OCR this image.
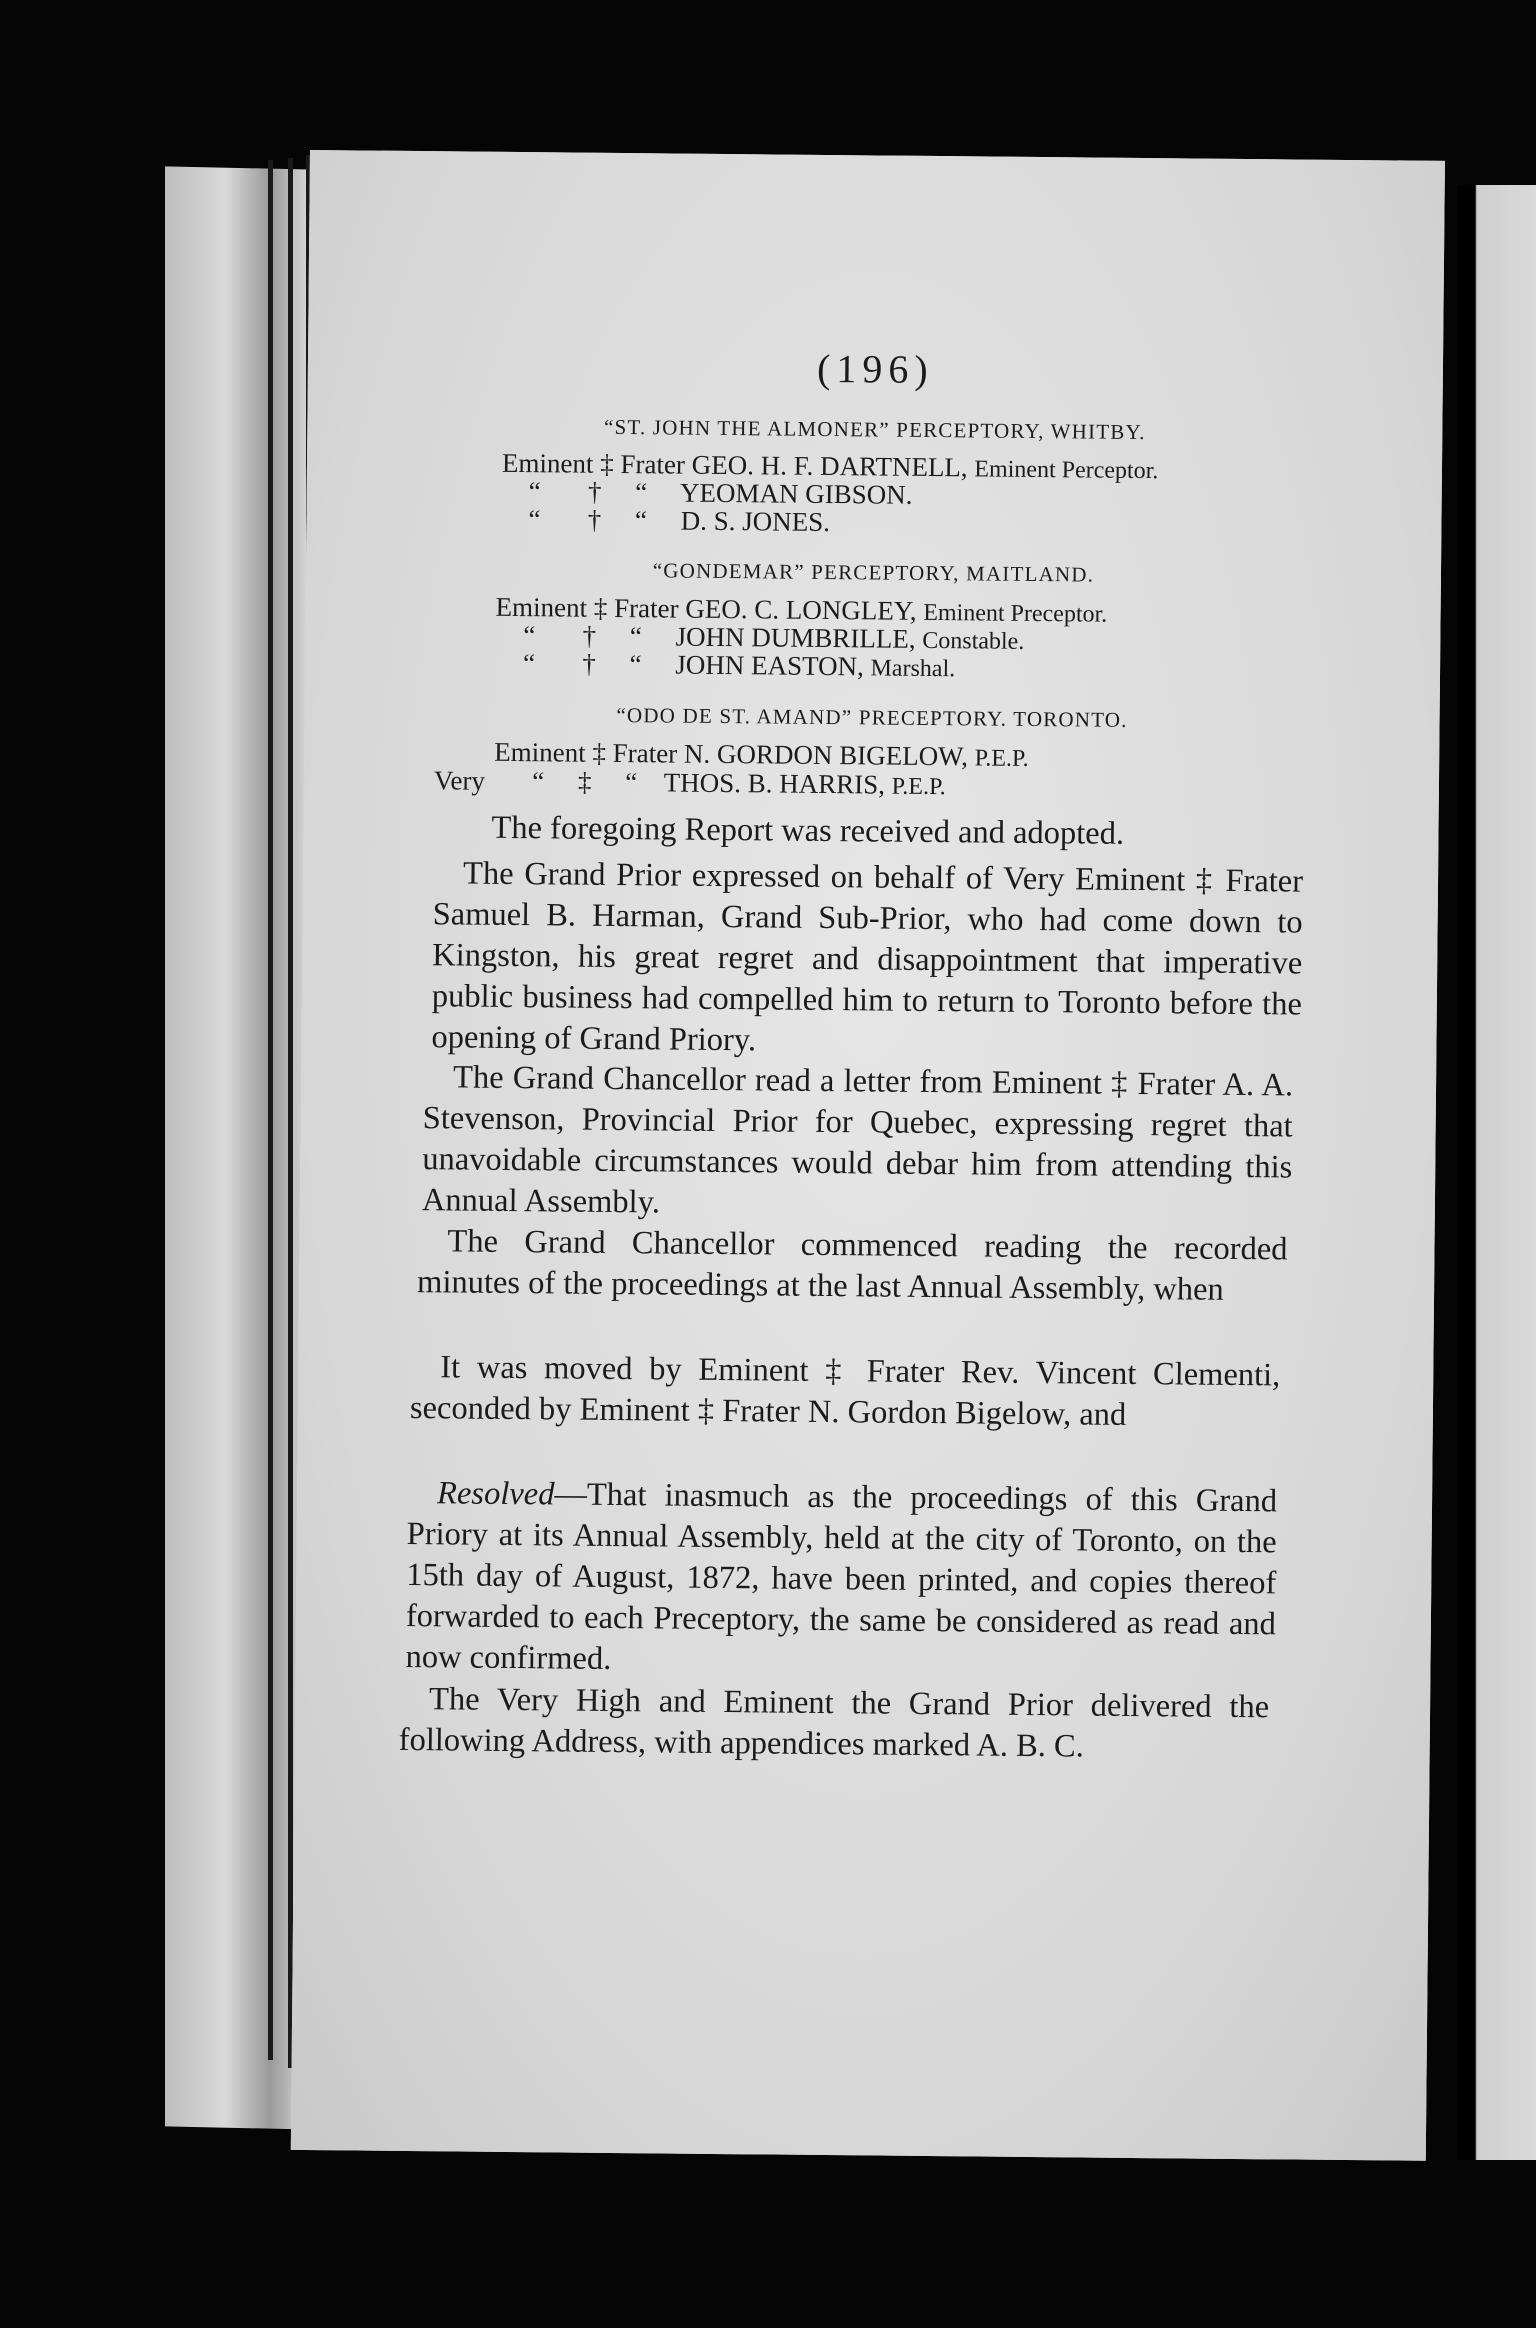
(196)
“ST. JOHN THE ALMONER” PERCEPTORY, WHITBY.
Eminent ‡ Frater GEO. H. F. DARTNELL, Eminent Perceptor.
“ † “ YEOMAN GIBSON.
“ † “ D. S. JONES.
“GONDEMAR” PERCEPTORY, MAITLAND.
Eminent ‡ Frater GEO. C. LONGLEY, Eminent Preceptor.
“ † “ JOHN DUMBRILLE, Constable.
“ † “ JOHN EASTON, Marshal.
“ODO DE ST. AMAND” PRECEPTORY. TORONTO.
Eminent ‡ Frater N. GORDON BIGELOW, P.E.P.
Very “ ‡ “ THOS. B. HARRIS, P.E.P.
The foregoing Report was received and adopted.
The Grand Prior expressed on behalf of Very Eminent ‡ Frater Samuel B. Harman, Grand Sub-Prior, who had come down to Kingston, his great regret and disappointment that imperative public business had compelled him to return to Toronto before the opening of Grand Priory.
The Grand Chancellor read a letter from Eminent ‡ Frater A. A. Stevenson, Provincial Prior for Quebec, expressing regret that unavoidable circumstances would debar him from attending this Annual Assembly.
The Grand Chancellor commenced reading the recorded minutes of the proceedings at the last Annual Assembly, when
It was moved by Eminent ‡ Frater Rev. Vincent Clementi, seconded by Eminent ‡ Frater N. Gordon Bigelow, and
Resolved—That inasmuch as the proceedings of this Grand Priory at its Annual Assembly, held at the city of Toronto, on the 15th day of August, 1872, have been printed, and copies thereof forwarded to each Preceptory, the same be considered as read and now confirmed.
The Very High and Eminent the Grand Prior delivered the following Address, with appendices marked A. B. C.
